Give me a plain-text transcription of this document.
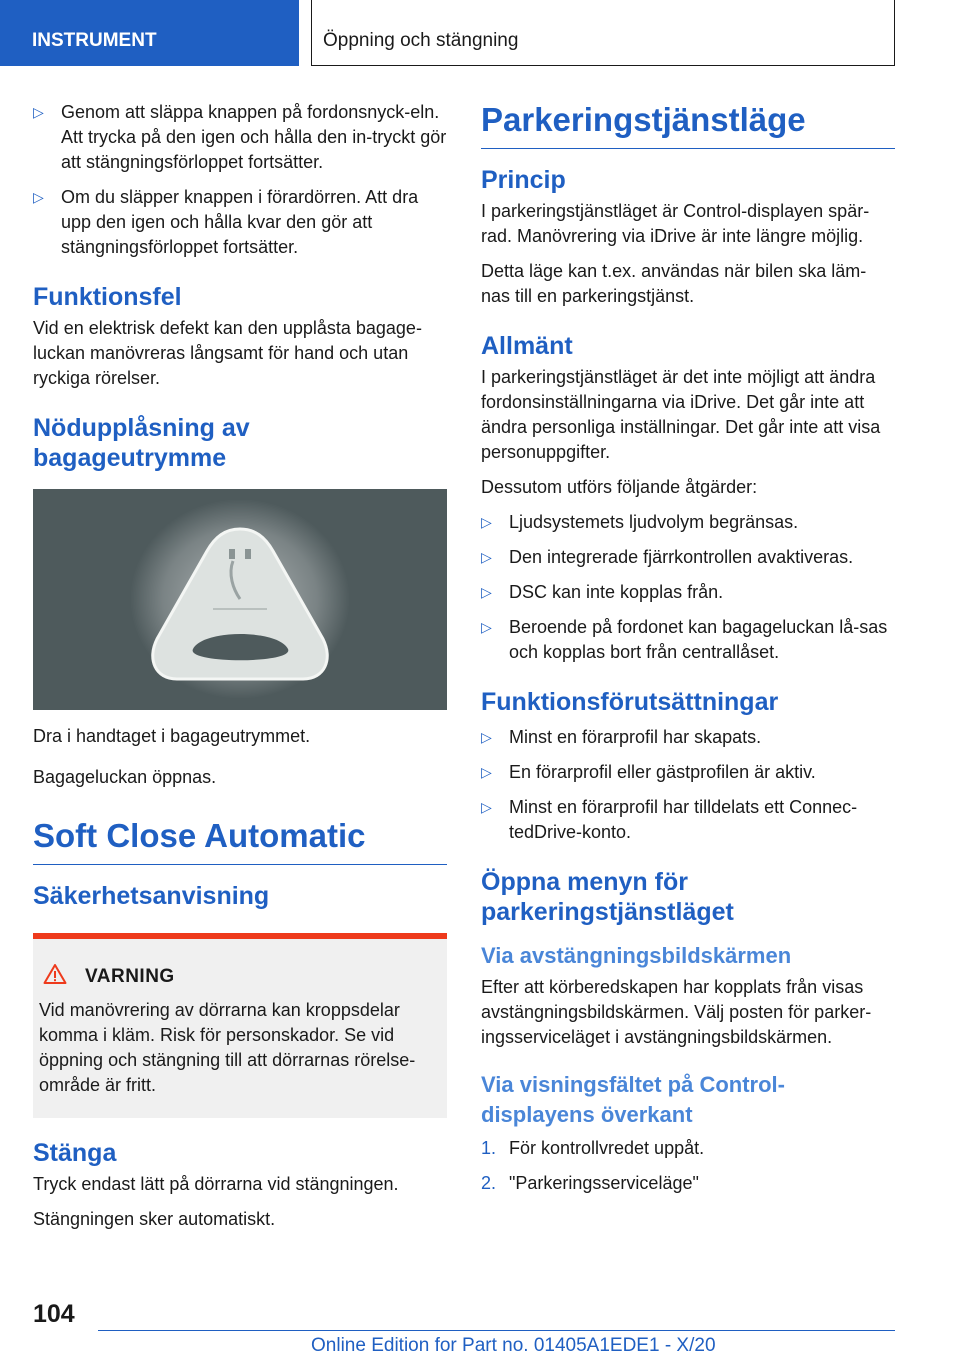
INSTRUMENT	Öppning och stängning
▷ Genom att släppa knappen på fordonsnyck‐eln. Att trycka på den igen och hålla den in‐tryckt gör att stängningsförloppet fortsätter.
▷ Om du släpper knappen i förardörren. Att dra upp den igen och hålla kvar den gör att stängningsförloppet fortsätter.
Funktionsfel

Vid en elektrisk defekt kan den upplåsta bagage‐luckan manövreras långsamt för hand och utan ryckiga rörelser.

Nödupplåsning av bagageutrymme

Dra i handtaget i bagageutrymmet.

Bagageluckan öppnas.

Soft Close Automatic
Säkerhetsanvisning
VARNING

Vid manövrering av dörrarna kan kroppsdelar komma i kläm. Risk för personskador. Se vid öppning och stängning till att dörrarnas rörelse‐område är fritt.

Stänga

Tryck endast lätt på dörrarna vid stängningen.

Stängningen sker automatiskt.

Parkeringstjänstläge
Princip

I parkeringstjänstläget är Control-displayen spär‐rad. Manövrering via iDrive är inte längre möjlig.

Detta läge kan t.ex. användas när bilen ska läm‐nas till en parkeringstjänst.

Allmänt

I parkeringstjänstläget är det inte möjligt att ändra fordonsinställningarna via iDrive. Det går inte att ändra personliga inställningar. Det går inte att visa personuppgifter.

Dessutom utförs följande åtgärder:

▷ Ljudsystemets ljudvolym begränsas.
▷ Den integrerade fjärrkontrollen avaktiveras.
▷ DSC kan inte kopplas från.
▷ Beroende på fordonet kan bagageluckan lå‐sas och kopplas bort från centrallåset.
Funktionsförutsättningar
▷ Minst en förarprofil har skapats.
▷ En förarprofil eller gästprofilen är aktiv.
▷ Minst en förarprofil har tilldelats ett Connec‐tedDrive-konto.
Öppna menyn för parkeringstjänstläget
Via avstängningsbildskärmen

Efter att körberedskapen har kopplats från visas avstängningsbildskärmen. Välj posten för parker‐ingsserviceläget i avstängningsbildskärmen.

Via visningsfältet på Control-displayens överkant
1. För kontrollvredet uppåt.
2. "Parkeringsserviceläge"
104
Online Edition for Part no. 01405A1EDE1 - X/20
